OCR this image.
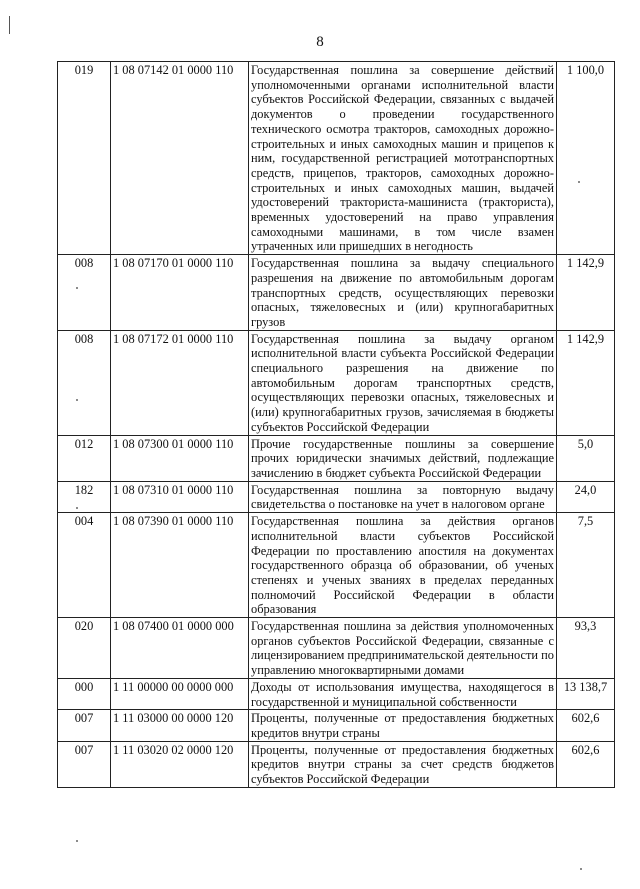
8
019	1 08 07142 01 0000 110	Государственная пошлина за совершение действий уполномоченными органами исполнительной власти субъектов Российской Федерации, связанных с выдачей документов о проведении государственного технического осмотра тракторов, самоходных дорожно-строительных и иных самоходных машин и прицепов к ним, государственной регистрацией мототранспортных средств, прицепов, тракторов, самоходных дорожно-строительных и иных самоходных машин, выдачей удостоверений тракториста-машиниста (тракториста), временных удостоверений на право управления самоходными машинами, в том числе взамен утраченных или пришедших в негодность	1 100,0
008	1 08 07170 01 0000 110	Государственная пошлина за выдачу специального разрешения на движение по автомобильным дорогам транспортных средств, осуществляющих перевозки опасных, тяжеловесных и (или) крупногабаритных грузов	1 142,9
008	1 08 07172 01 0000 110	Государственная пошлина за выдачу органом исполнительной власти субъекта Российской Федерации специального разрешения на движение по автомобильным дорогам транспортных средств, осуществляющих перевозки опасных, тяжеловесных и (или) крупногабаритных грузов, зачисляемая в бюджеты субъектов Российской Федерации	1 142,9
012	1 08 07300 01 0000 110	Прочие государственные пошлины за совершение прочих юридически значимых действий, подлежащие зачислению в бюджет субъекта Российской Федерации	5,0
182	1 08 07310 01 0000 110	Государственная пошлина за повторную выдачу свидетельства о постановке на учет в налоговом органе	24,0
004	1 08 07390 01 0000 110	Государственная пошлина за действия органов исполнительной власти субъектов Российской Федерации по проставлению апостиля на документах государственного образца об образовании, об ученых степенях и ученых званиях в пределах переданных полномочий Российской Федерации в области образования	7,5
020	1 08 07400 01 0000 000	Государственная пошлина за действия уполномоченных органов субъектов Российской Федерации, связанные с лицензированием предпринимательской деятельности по управлению многоквартирными домами	93,3
000	1 11 00000 00 0000 000	Доходы от использования имущества, находящегося в государственной и муниципальной собственности	13 138,7
007	1 11 03000 00 0000 120	Проценты, полученные от предоставления бюджетных кредитов внутри страны	602,6
007	1 11 03020 02 0000 120	Проценты, полученные от предоставления бюджетных кредитов внутри страны за счет средств бюджетов субъектов Российской Федерации	602,6
